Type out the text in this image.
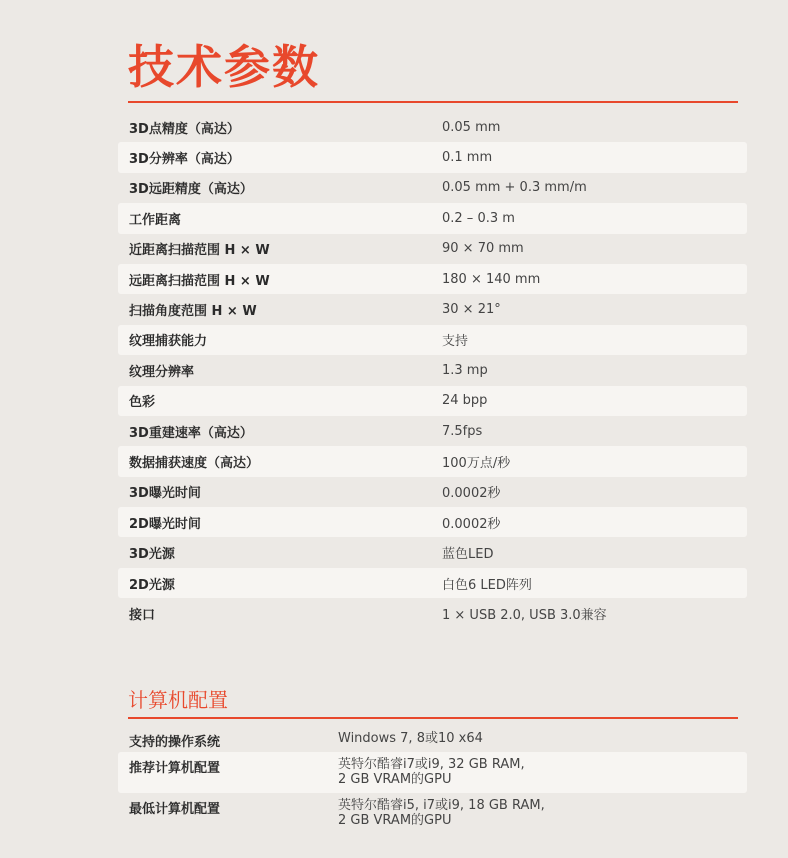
技术参数
3D点精度（高达）	0.05 mm
3D分辨率（高达）	0.1 mm
3D远距精度（高达）	0.05 mm + 0.3 mm/m
工作距离	0.2 – 0.3 m
近距离扫描范围 H × W	90 × 70 mm
远距离扫描范围 H × W	180 × 140 mm
扫描角度范围 H × W	30 × 21°
纹理捕获能力	支持
纹理分辨率	1.3 mp
色彩	24 bpp
3D重建速率（高达）	7.5fps
数据捕获速度（高达）	100万点/秒
3D曝光时间	0.0002秒
2D曝光时间	0.0002秒
3D光源	蓝色LED
2D光源	白色6 LED阵列
接口	1 × USB 2.0, USB 3.0兼容
计算机配置
支持的操作系统	Windows 7, 8或10 x64
推荐计算机配置	英特尔酷睿i7或i9, 32 GB RAM,
2 GB VRAM的GPU
最低计算机配置	英特尔酷睿i5, i7或i9, 18 GB RAM,
2 GB VRAM的GPU
